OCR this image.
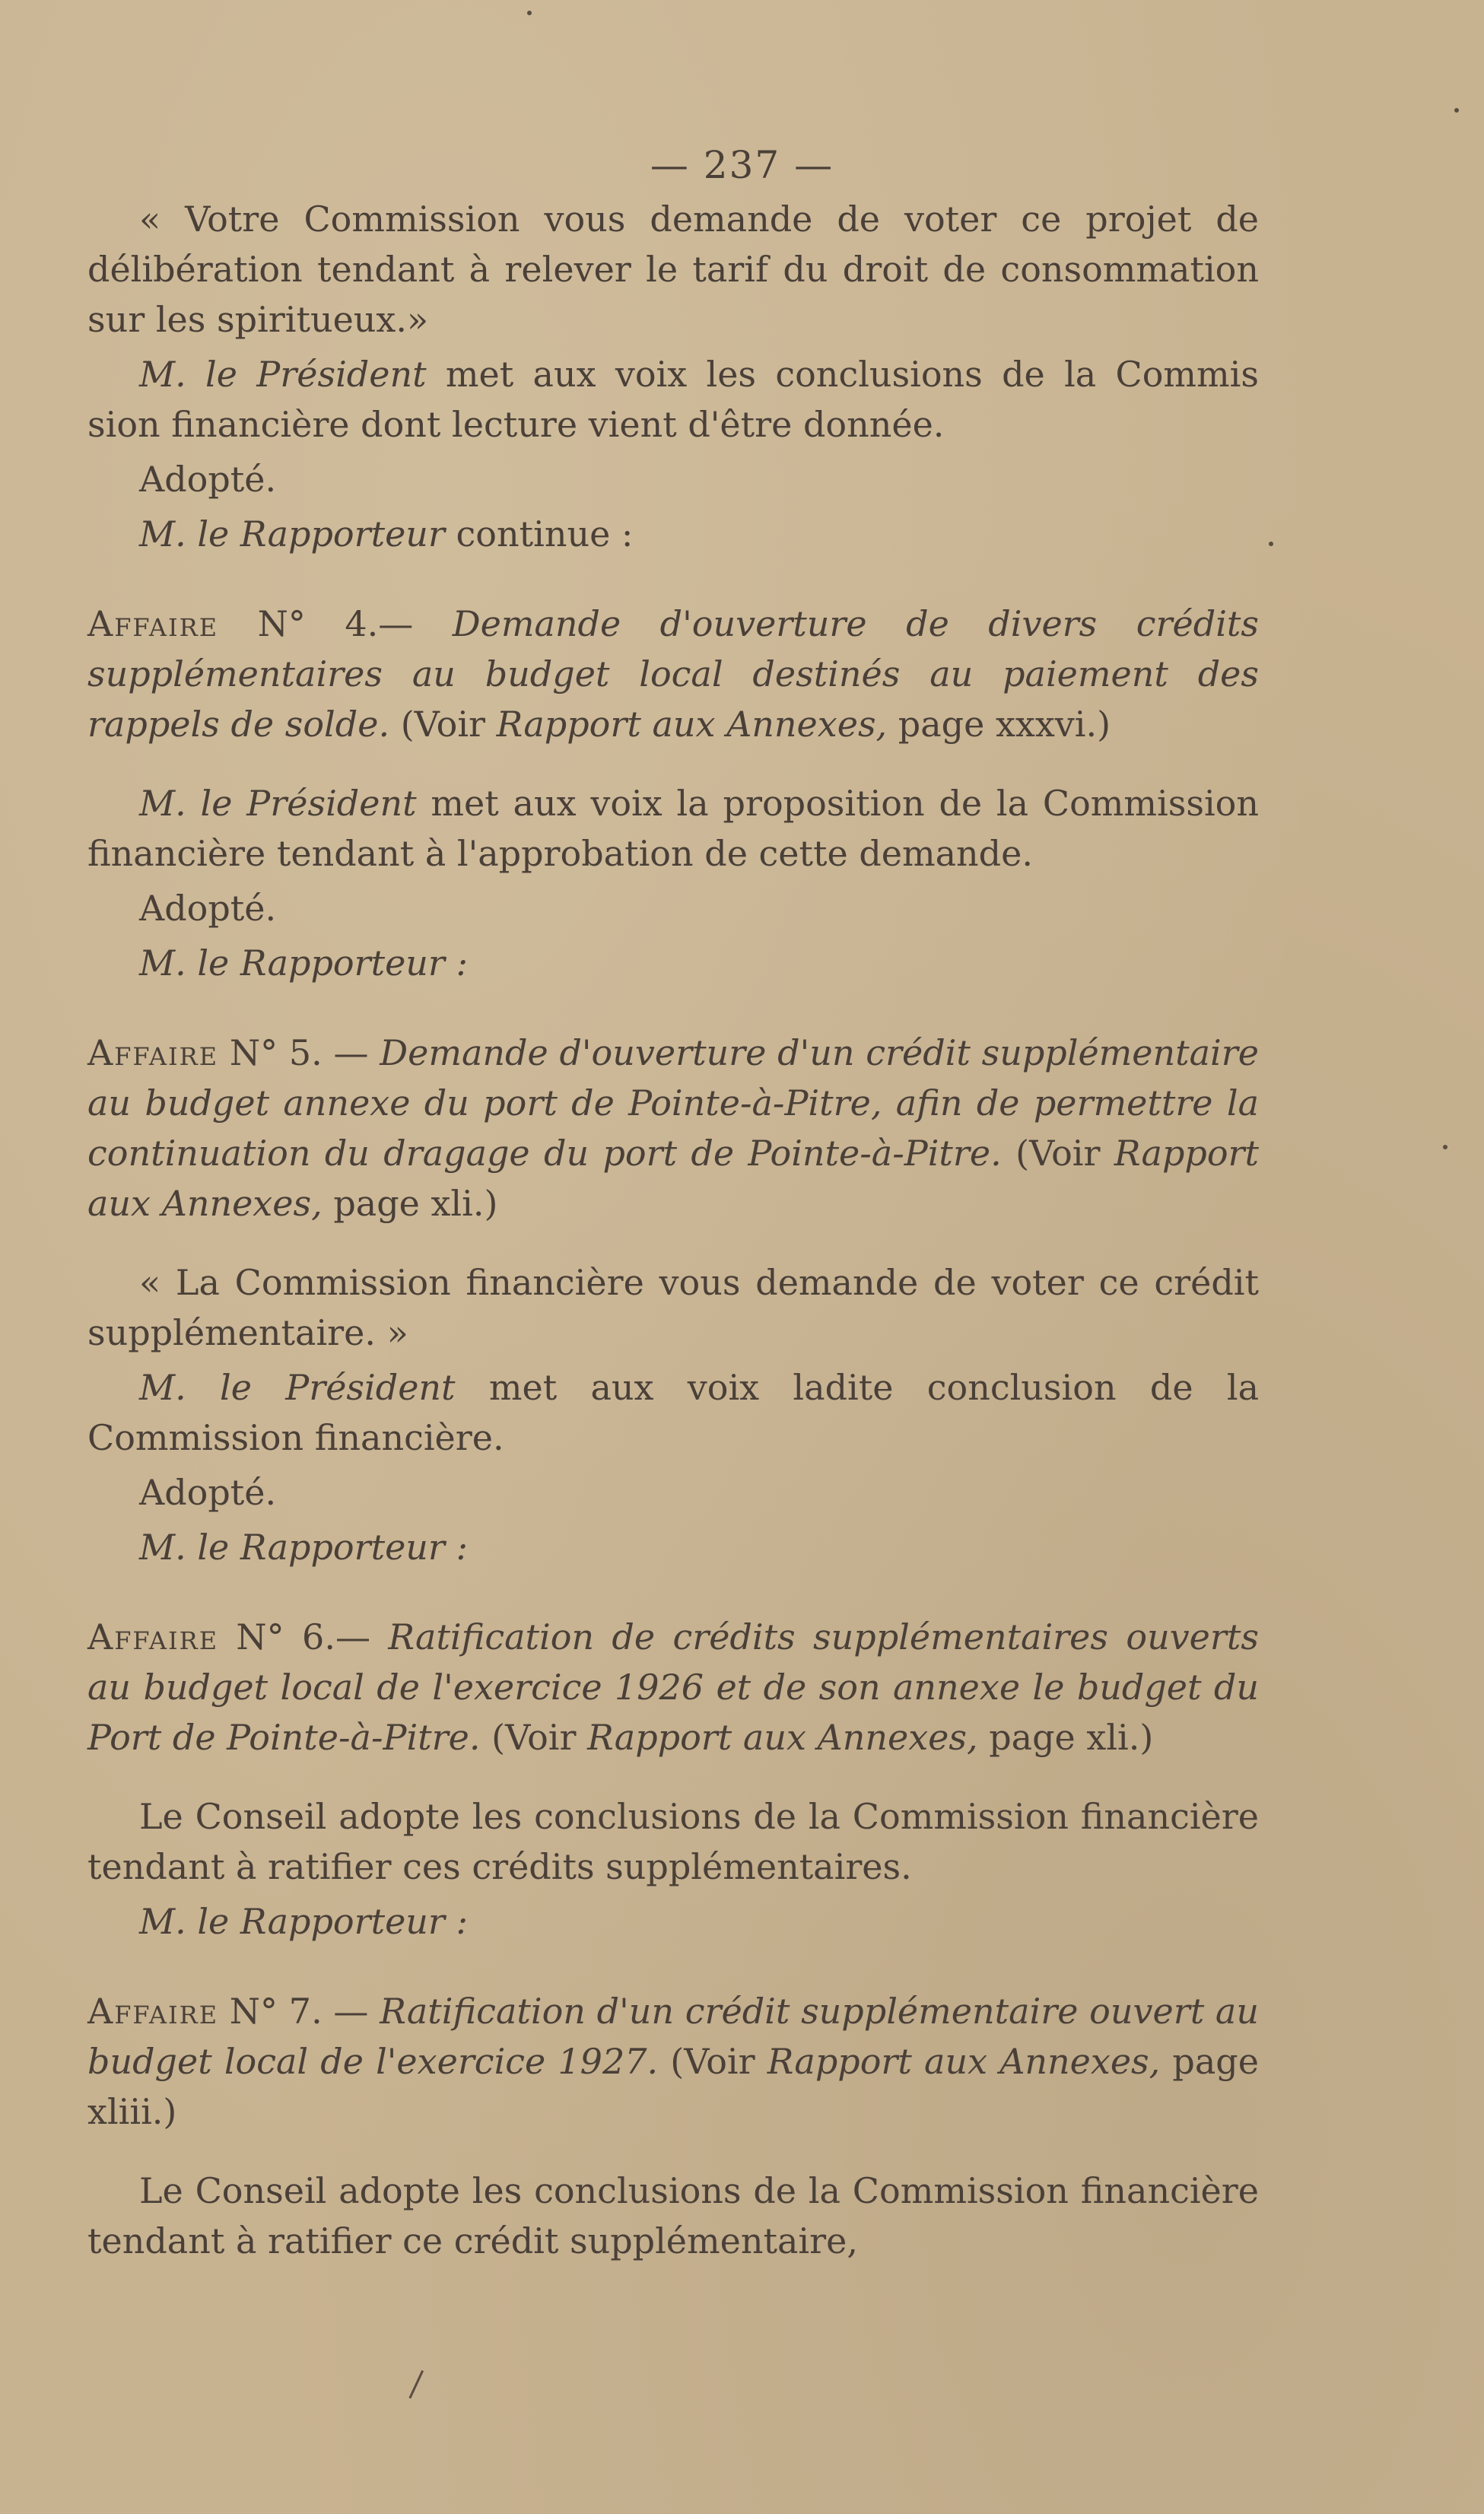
— 237 —

« Votre Commission vous demande de voter ce projet de délibération tendant à relever le tarif du droit de consommation sur les spiritueux.»

M. le Président met aux voix les conclusions de la Commis sion financière dont lecture vient d'être donnée.

Adopté.

M. le Rapporteur continue :

Affaire N° 4.— Demande d'ouverture de divers crédits supplémentaires au budget local destinés au paiement des rappels de solde. (Voir Rapport aux Annexes, page xxxvi.)

M. le Président met aux voix la proposition de la Commission financière tendant à l'approbation de cette demande.

Adopté.

M. le Rapporteur :

Affaire N° 5. — Demande d'ouverture d'un crédit supplémentaire au budget annexe du port de Pointe-à-Pitre, afin de permettre la continuation du dragage du port de Pointe-à-Pitre. (Voir Rapport aux Annexes, page xli.)

« La Commission financière vous demande de voter ce crédit supplémentaire. »

M. le Président met aux voix ladite conclusion de la Commission financière.

Adopté.

M. le Rapporteur :

Affaire N° 6.— Ratification de crédits supplémentaires ouverts au budget local de l'exercice 1926 et de son annexe le budget du Port de Pointe-à-Pitre. (Voir Rapport aux Annexes, page xli.)

Le Conseil adopte les conclusions de la Commission financière tendant à ratifier ces crédits supplémentaires.

M. le Rapporteur :

Affaire N° 7. — Ratification d'un crédit supplémentaire ouvert au budget local de l'exercice 1927. (Voir Rapport aux Annexes, page xliii.)

Le Conseil adopte les conclusions de la Commission financière tendant à ratifier ce crédit supplémentaire,
